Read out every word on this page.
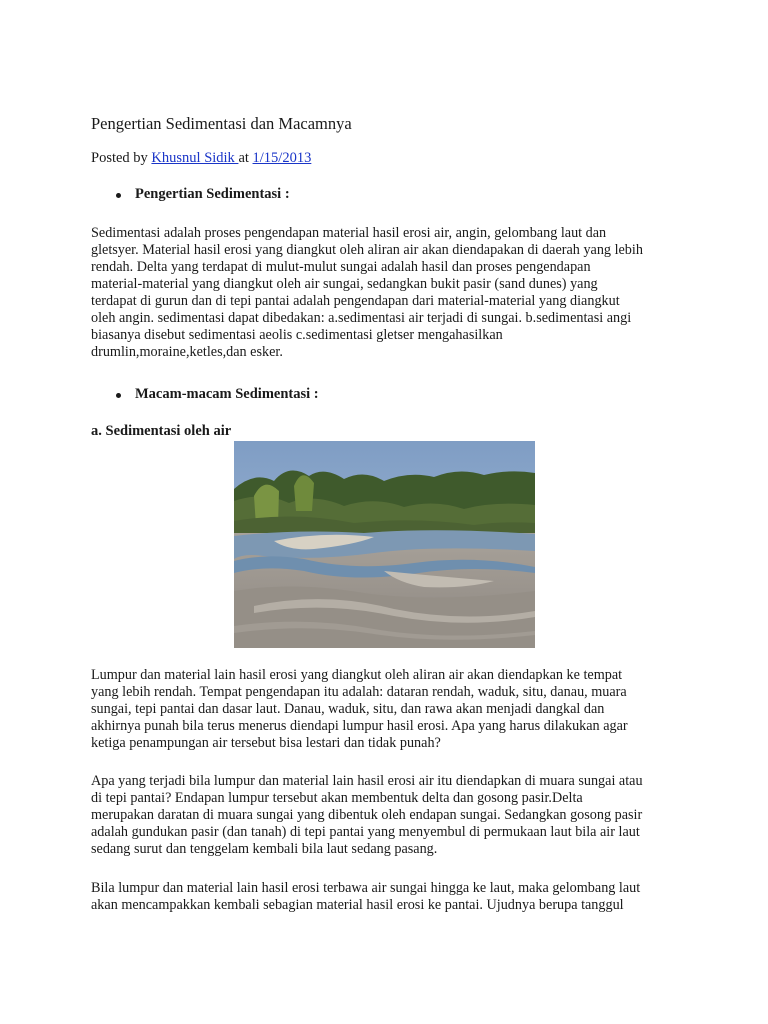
Pengertian Sedimentasi dan Macamnya
Posted by Khusnul Sidik at 1/15/2013
Pengertian Sedimentasi :
Sedimentasi adalah proses pengendapan material hasil erosi air, angin, gelombang laut dan
gletsyer. Material hasil erosi yang diangkut oleh aliran air akan diendapakan di daerah yang lebih
rendah. Delta yang terdapat di mulut-mulut sungai adalah hasil dan proses pengendapan
material-material yang diangkut oleh air sungai, sedangkan bukit pasir (sand dunes) yang
terdapat di gurun dan di tepi pantai adalah pengendapan dari material-material yang diangkut
oleh angin. sedimentasi dapat dibedakan: a.sedimentasi air terjadi di sungai. b.sedimentasi angi
biasanya disebut sedimentasi aeolis c.sedimentasi gletser mengahasilkan
drumlin,moraine,ketles,dan esker.
Macam-macam Sedimentasi :
a. Sedimentasi oleh air
Lumpur dan material lain hasil erosi yang diangkut oleh aliran air akan diendapkan ke tempat
yang lebih rendah. Tempat pengendapan itu adalah: dataran rendah, waduk, situ, danau, muara
sungai, tepi pantai dan dasar laut. Danau, waduk, situ, dan rawa akan menjadi dangkal dan
akhirnya punah bila terus menerus diendapi lumpur hasil erosi. Apa yang harus dilakukan agar
ketiga penampungan air tersebut bisa lestari dan tidak punah?
Apa yang terjadi bila lumpur dan material lain hasil erosi air itu diendapkan di muara sungai atau
di tepi pantai? Endapan lumpur tersebut akan membentuk delta dan gosong pasir.Delta
merupakan daratan di muara sungai yang dibentuk oleh endapan sungai. Sedangkan gosong pasir
adalah gundukan pasir (dan tanah) di tepi pantai yang menyembul di permukaan laut bila air laut
sedang surut dan tenggelam kembali bila laut sedang pasang.
Bila lumpur dan material lain hasil erosi terbawa air sungai hingga ke laut, maka gelombang laut
akan mencampakkan kembali sebagian material hasil erosi ke pantai. Ujudnya berupa tanggul
